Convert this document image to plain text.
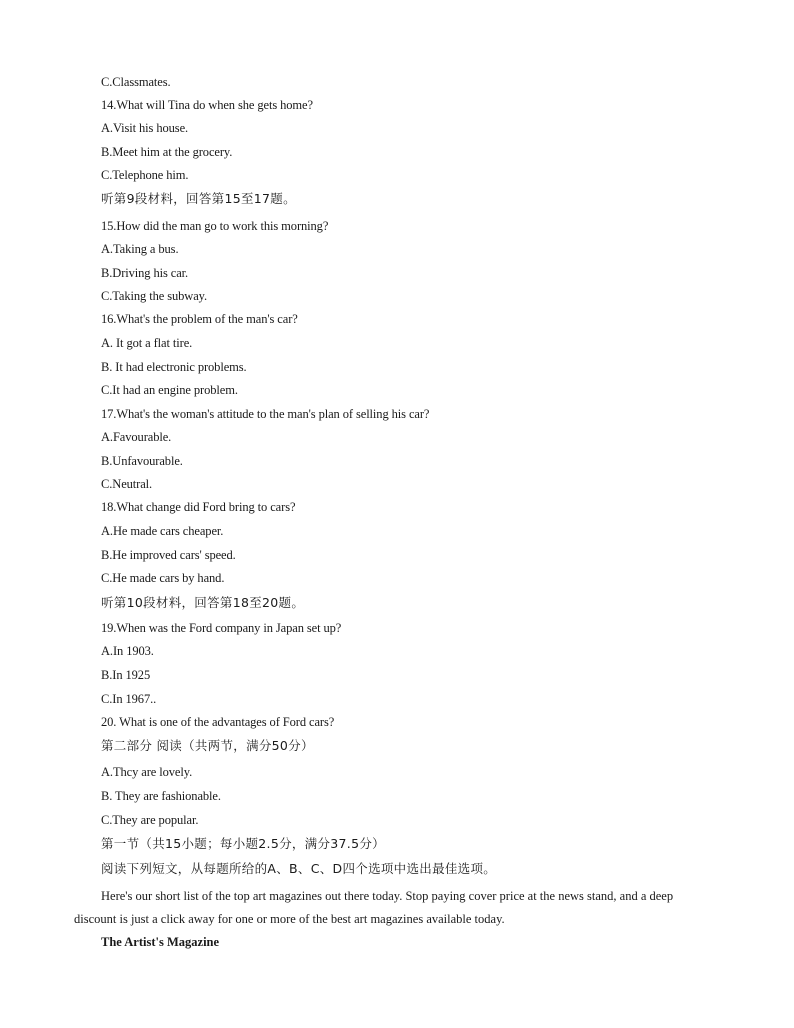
C.Classmates.
14.What will Tina do when she gets home?
A.Visit his house.
B.Meet him at the grocery.
C.Telephone him.
听第9段材料，回答第15至17题。
15.How did the man go to work this morning?
A.Taking a bus.
B.Driving his car.
C.Taking the subway.
16.What's the problem of the man's car?
A. It got a flat tire.
B. It had electronic problems.
C.It had an engine problem.
17.What's the woman's attitude to the man's plan of selling his car?
A.Favourable.
B.Unfavourable.
C.Neutral.
18.What change did Ford bring to cars?
A.He made cars cheaper.
B.He improved cars' speed.
C.He made cars by hand.
听第10段材料，回答第18至20题。
19.When was the Ford company in Japan set up?
A.In 1903.
B.In 1925
C.In 1967..
20. What is one of the advantages of Ford cars?
第二部分 阅读（共两节，满分50分）
A.Thcy are lovely.
B. They are fashionable.
C.They are popular.
第一节（共15小题；每小题2.5分，满分37.5分）
阅读下列短文，从每题所给的A、B、C、D四个选项中选出最佳选项。
Here's our short list of the top art magazines out there today. Stop paying cover price at the news stand, and a deep
discount is just a click away for one or more of the best art magazines available today.
The Artist's Magazine
